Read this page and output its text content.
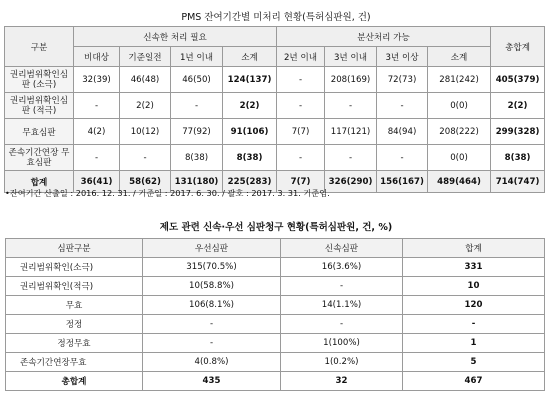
PMS 잔여기간별 미처리 현황(특허심판원, 건)
구분	신속한 처리 필요				분산처리 가능				총합계
	비대상	기준일전	1년 이내	소계	2년 이내	3년 이내	3년 이상	소계	
권리범위확인심판 (소극)	32(39)	46(48)	46(50)	124(137)	-	208(169)	72(73)	281(242)	405(379)
권리범위확인심판 (적극)	-	2(2)	-	2(2)	-	-	-	0(0)	2(2)
무효심판	4(2)	10(12)	77(92)	91(106)	7(7)	117(121)	84(94)	208(222)	299(328)
존속기간연장 무효심판	-	-	8(38)	8(38)	-	-	-	0(0)	8(38)
합계	36(41)	58(62)	131(180)	225(283)	7(7)	326(290)	156(167)	489(464)	714(747)
•잔여기간 산출일 : 2016. 12. 31. / 기준일 : 2017. 6. 30. / 괄호 : 2017. 3. 31. 기준임.
제도 관련 신속·우선 심판청구 현황(특허심판원, 건, %)
심판구분	우선심판	신속심판	합계
권리범위확인(소극)	315(70.5%)	16(3.6%)	331
권리범위확인(적극)	10(58.8%)	-	10
무효	106(8.1%)	14(1.1%)	120
정정	-	-	-
정정무효	-	1(100%)	1
존속기간연장무효	4(0.8%)	1(0.2%)	5
총합계	435	32	467
